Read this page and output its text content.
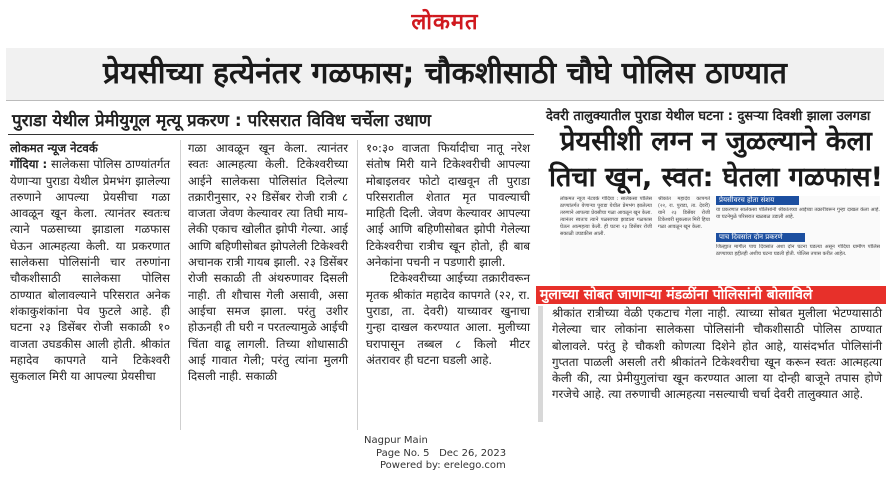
लोकमत
प्रेयसीच्या हत्येनंतर गळफास; चौकशीसाठी चौघे पोलिस ठाण्यात
पुराडा येथील प्रेमीयुगूल मृत्यू प्रकरण : परिसरात विविध चर्चेला उधाण
लोकमत न्यूज नेटवर्क
गोंदिया : सालेकसा पोलिस ठाण्यांतर्गत येणाऱ्या पुराडा येथील प्रेमभंग झालेल्या तरुणाने आपल्या प्रेयसीचा गळा आवळून खून केला. त्यानंतर स्वतःच त्याने पळसाच्या झाडाला गळफास घेऊन आत्महत्या केली. या प्रकरणात सालेकसा पोलिसांनी चार तरुणांना चौकशीसाठी सालेकसा पोलिस ठाण्यात बोलावल्याने परिसरात अनेक शंकाकुशंकांना पेव फुटले आहे. ही घटना २३ डिसेंबर रोजी सकाळी १० वाजता उघडकीस आली होती. श्रीकांत महादेव कापगते याने टिकेश्वरी सुकलाल मिरी या आपल्या प्रेयसीचा
गळा आवळून खून केला. त्यानंतर स्वतः आत्महत्या केली. टिकेश्वरीच्या आईने सालेकसा पोलिसांत दिलेल्या तक्रारीनुसार, २२ डिसेंबर रोजी रात्री ८ वाजता जेवण केल्यावर त्या तिघी माय-लेकी एकाच खोलीत झोपी गेल्या. आई आणि बहिणीसोबत झोपलेली टिकेश्वरी अचानक रात्री गायब झाली. २३ डिसेंबर रोजी सकाळी ती अंथरुणावर दिसली नाही. ती शौचास गेली असावी, असा आईचा समज झाला. परंतु उशीर होऊनही ती घरी न परतल्यामुळे आईची चिंता वाढू लागली. तिच्या शोधासाठी आई गावात गेली; परंतु त्यांना मुलगी दिसली नाही. सकाळी
१०:३० वाजता फिर्यादीचा नातू नरेश संतोष मिरी याने टिकेश्वरीची आपल्या मोबाइलवर फोटो दाखवून ती पुराडा परिसरातील शेतात मृत पावल्याची माहिती दिली. जेवण केल्यावर आपल्या आई आणि बहिणीसोबत झोपी गेलेल्या टिकेश्वरीचा रात्रीच खून होतो, ही बाब अनेकांना पचनी न पडणारी झाली.
टिकेश्वरीच्या आईच्या तक्रारीवरून मृतक श्रीकांत महादेव कापगते (२२, रा. पुराडा, ता. देवरी) याच्यावर खुनाचा गुन्हा दाखल करण्यात आला. मुलीच्या घरापासून तब्बल ८ किलो मीटर अंतरावर ही घटना घडली आहे.
देवरी तालुक्यातील पुराडा येथील घटना : दुसऱ्या दिवशी झाला उलगडा
प्रेयसीशी लग्न न जुळल्याने केला तिचा खून, स्वत: घेतला गळफास!
लोकमत न्यूज नेटवर्क गोंदिया : सालेकसा पोलिस ठाण्यांतर्गत येणाऱ्या पुराडा येथील प्रेमभंग झालेल्या तरुणाने आपल्या प्रेयसीचा गळा आवळून खून केला. त्यानंतर स्वतःच त्याने पळसाच्या झाडाला गळफास घेऊन आत्महत्या केली. ही घटना २३ डिसेंबर रोजी सकाळी उघडकीस आली.
श्रीकांत महादेव कापगते (२२, रा. पुराडा, ता. देवरी) याने २३ डिसेंबर रोजी टिकेश्वरी सुकलाल मिरी हिचा गळा आवळून खून केला.
प्रेयसीवरच होता संशय
या प्रकरणात सालेकसा पोलिसांनी श्रीकांतच्या आईच्या तक्रारीवरून गुन्हा दाखल केला आहे. या घटनेमुळे परिसरात खळबळ उडाली आहे.
पाच दिवसांत दोन प्रकरणे
जिल्ह्यात मागील पाच दिवसांत अशा दोन घटना घडल्या असून गोंदिया ग्रामीण पोलिस ठाण्याच्या हद्दीतही अशीच घटना घडली होती. पोलिस तपास करीत आहेत.
मुलाच्या सोबत जाणाऱ्या मंडळींना पोलिसांनी बोलाविले
श्रीकांत रात्रीच्या वेळी एकटाच गेला नाही. त्याच्या सोबत मुलीला भेटण्यासाठी गेलेल्या चार लोकांना सालेकसा पोलिसांनी चौकशीसाठी पोलिस ठाण्यात बोलावले. परंतु हे चौकशी कोणत्या दिशेने होत आहे, यासंदर्भात पोलिसांनी गुप्तता पाळली असली तरी श्रीकांतने टिकेश्वरीचा खून करून स्वतः आत्महत्या केली की, त्या प्रेमीयुगुलांचा खून करण्यात आला या दोन्ही बाजूने तपास होणे गरजेचे आहे. त्या तरुणाची आत्महत्या नसल्याची चर्चा देवरी तालुक्यात आहे.
Nagpur Main
Page No. 5 Dec 26, 2023
Powered by: erelego.com
